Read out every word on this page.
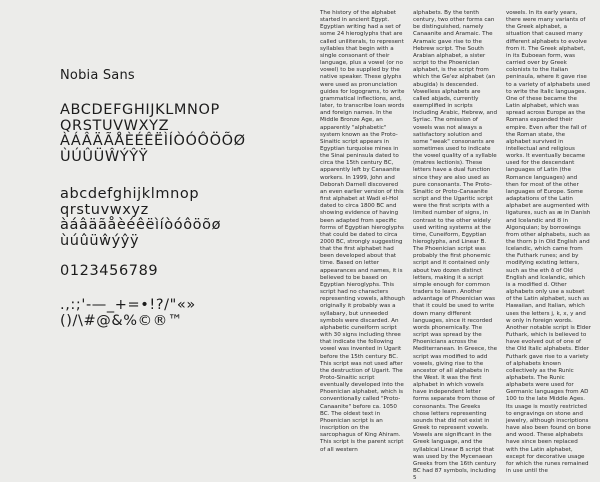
Nobia Sans
ABCDEFGHIJKLMNOP
QRSTUVWXYZ
ÀÁÂÄÃÅÈÉÊËÌÍÒÓÔÖÕØ
ÙÚÛÜŴÝŶŸ
abcdefghijklmnop
qrstuvwxyz
àáâäãåèéêëìíòóôöõø
ùúûüŵýŷÿ
0123456789
.,:;'-—_+=•!?/"«»
()/\#@&%©®™
The history of the alphabet started in ancient Egypt. Egyptian writing had a set of some 24 hieroglyphs that are called uniliterals, to represent syllables that begin with a single consonant of their language, plus a vowel (or no vowel) to be supplied by the native speaker. These glyphs were used as pronunciation guides for logograms, to write grammatical inflections, and, later, to transcribe loan words and foreign names. In the Middle Bronze Age, an apparently "alphabetic" system known as the Proto-Sinaitic script appears in Egyptian turquoise mines in the Sinai peninsula dated to circa the 15th century BC, apparently left by Canaanite workers. In 1999, John and Deborah Darnell discovered an even earlier version of this first alphabet at Wadi el-Hol dated to circa 1800 BC and showing evidence of having been adapted from specific forms of Egyptian hieroglyphs that could be dated to circa 2000 BC, strongly suggesting that the first alphabet had been developed about that time. Based on letter appearances and names, it is believed to be based on Egyptian hieroglyphs. This script had no characters representing vowels, although originally it probably was a syllabary, but unneeded symbols were discarded. An alphabetic cuneiform script with 30 signs including three that indicate the following vowel was invented in Ugarit before the 15th century BC. This script was not used after the destruction of Ugarit. The Proto-Sinaitic script eventually developed into the Phoenician alphabet, which is conventionally called "Proto-Canaanite" before ca. 1050 BC. The oldest text in Phoenician script is an inscription on the sarcophagus of King Ahiram. This script is the parent script of all western
alphabets. By the tenth century, two other forms can be distinguished, namely Canaanite and Aramaic. The Aramaic gave rise to the Hebrew script. The South Arabian alphabet, a sister script to the Phoenician alphabet, is the script from which the Ge'ez alphabet (an abugida) is descended. Vowelless alphabets are called abjads, currently exemplified in scripts including Arabic, Hebrew, and Syriac. The omission of vowels was not always a satisfactory solution and some "weak" consonants are sometimes used to indicate the vowel quality of a syllable (matres lectionis). These letters have a dual function since they are also used as pure consonants. The Proto-Sinaitic or Proto-Canaanite script and the Ugaritic script were the first scripts with a limited number of signs, in contrast to the other widely used writing systems at the time, Cuneiform, Egyptian hieroglyphs, and Linear B. The Phoenician script was probably the first phonemic script and it contained only about two dozen distinct letters, making it a script simple enough for common traders to learn. Another advantage of Phoenician was that it could be used to write down many different languages, since it recorded words phonemically. The script was spread by the Phoenicians across the Mediterranean. In Greece, the script was modified to add vowels, giving rise to the ancestor of all alphabets in the West. It was the first alphabet in which vowels have independent letter forms separate from those of consonants. The Greeks chose letters representing sounds that did not exist in Greek to represent vowels. Vowels are significant in the Greek language, and the syllabical Linear B script that was used by the Mycenaean Greeks from the 16th century BC had 87 symbols, including 5
vowels. In its early years, there were many variants of the Greek alphabet, a situation that caused many different alphabets to evolve from it. The Greek alphabet, in its Euboean form, was carried over by Greek colonists to the Italian peninsula, where it gave rise to a variety of alphabets used to write the Italic languages. One of these became the Latin alphabet, which was spread across Europe as the Romans expanded their empire. Even after the fall of the Roman state, the alphabet survived in intellectual and religious works. It eventually became used for the descendant languages of Latin (the Romance languages) and then for most of the other languages of Europe. Some adaptations of the Latin alphabet are augmented with ligatures, such as æ in Danish and Icelandic and Ȣ in Algonquian; by borrowings from other alphabets, such as the thorn þ in Old English and Icelandic, which came from the Futhark runes; and by modifying existing letters, such as the eth ð of Old English and Icelandic, which is a modified d. Other alphabets only use a subset of the Latin alphabet, such as Hawaiian, and Italian, which uses the letters j, k, x, y and w only in foreign words. Another notable script is Elder Futhark, which is believed to have evolved out of one of the Old Italic alphabets. Elder Futhark gave rise to a variety of alphabets known collectively as the Runic alphabets. The Runic alphabets were used for Germanic languages from AD 100 to the late Middle Ages. Its usage is mostly restricted to engravings on stone and jewelry, although inscriptions have also been found on bone and wood. These alphabets have since been replaced with the Latin alphabet, except for decorative usage for which the runes remained in use until the
